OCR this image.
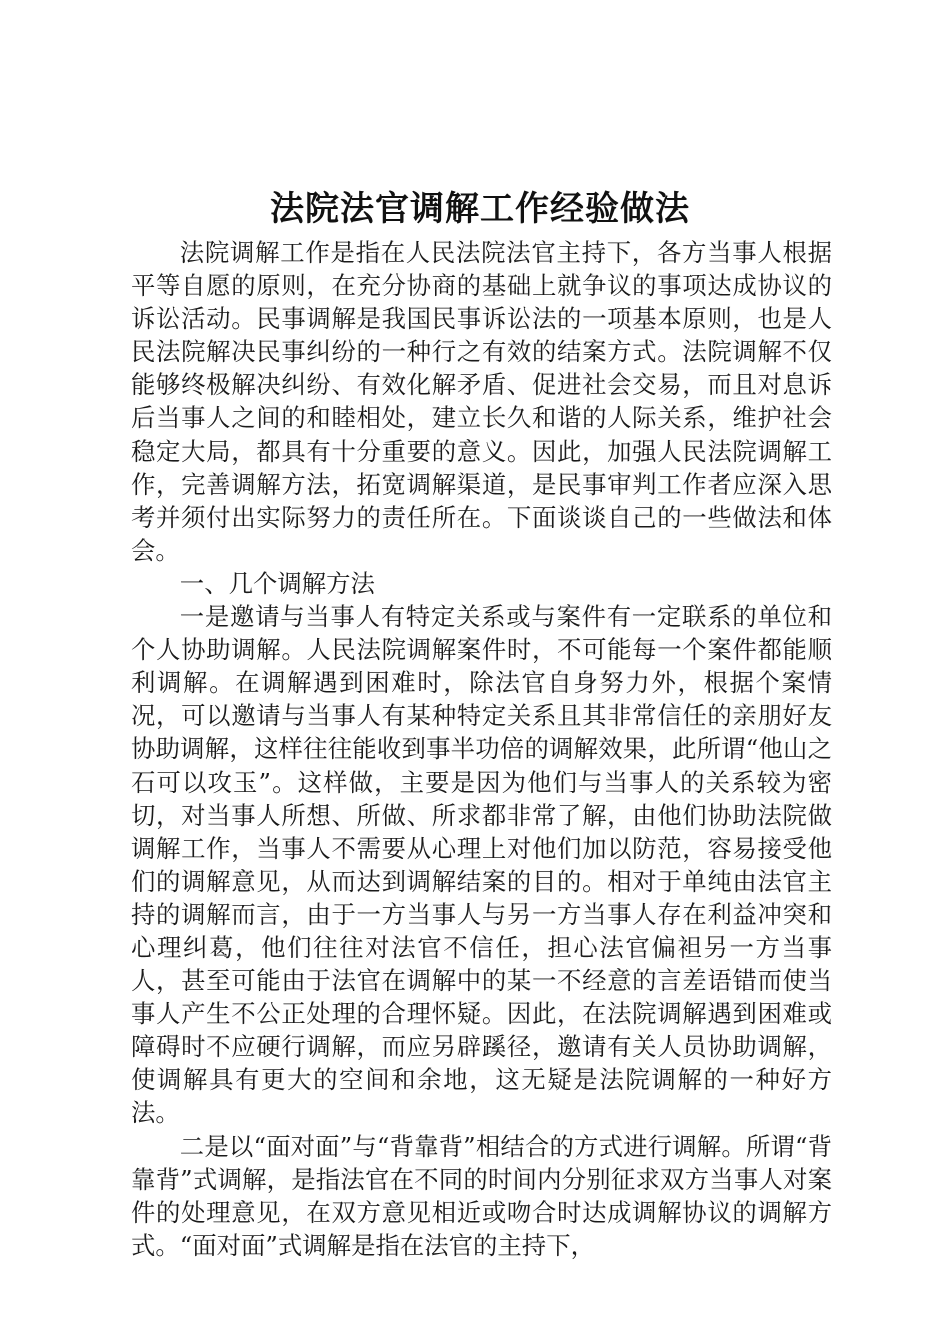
法院法官调解工作经验做法

法院调解工作是指在人民法院法官主持下，各方当事人根据平等自愿的原则，在充分协商的基础上就争议的事项达成协议的诉讼活动。民事调解是我国民事诉讼法的一项基本原则，也是人民法院解决民事纠纷的一种行之有效的结案方式。法院调解不仅能够终极解决纠纷、有效化解矛盾、促进社会交易，而且对息诉后当事人之间的和睦相处，建立长久和谐的人际关系，维护社会稳定大局，都具有十分重要的意义。因此，加强人民法院调解工作，完善调解方法，拓宽调解渠道，是民事审判工作者应深入思考并须付出实际努力的责任所在。下面谈谈自己的一些做法和体会。

一、几个调解方法

一是邀请与当事人有特定关系或与案件有一定联系的单位和个人协助调解。人民法院调解案件时，不可能每一个案件都能顺利调解。在调解遇到困难时，除法官自身努力外，根据个案情况，可以邀请与当事人有某种特定关系且其非常信任的亲朋好友协助调解，这样往往能收到事半功倍的调解效果，此所谓“他山之石可以攻玉”。这样做，主要是因为他们与当事人的关系较为密切，对当事人所想、所做、所求都非常了解，由他们协助法院做调解工作，当事人不需要从心理上对他们加以防范，容易接受他们的调解意见，从而达到调解结案的目的。相对于单纯由法官主持的调解而言，由于一方当事人与另一方当事人存在利益冲突和心理纠葛，他们往往对法官不信任，担心法官偏袒另一方当事人，甚至可能由于法官在调解中的某一不经意的言差语错而使当事人产生不公正处理的合理怀疑。因此，在法院调解遇到困难或障碍时不应硬行调解，而应另辟蹊径，邀请有关人员协助调解，使调解具有更大的空间和余地，这无疑是法院调解的一种好方法。

二是以“面对面”与“背靠背”相结合的方式进行调解。所谓“背靠背”式调解，是指法官在不同的时间内分别征求双方当事人对案件的处理意见，在双方意见相近或吻合时达成调解协议的调解方式。“面对面”式调解是指在法官的主持下，
